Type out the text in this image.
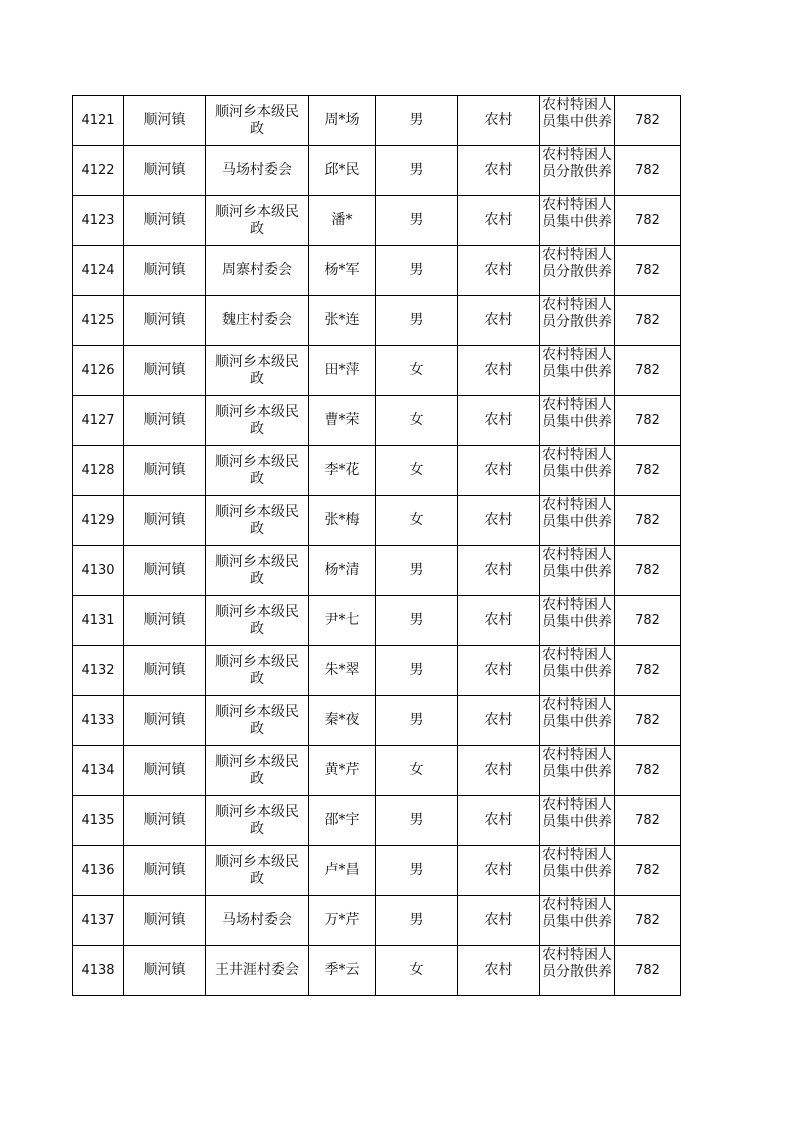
4121	顺河镇	顺河乡本级民政	周*场	男	农村	农村特困人员集中供养	782
4122	顺河镇	马场村委会	邱*民	男	农村	农村特困人员分散供养	782
4123	顺河镇	顺河乡本级民政	潘*	男	农村	农村特困人员集中供养	782
4124	顺河镇	周寨村委会	杨*军	男	农村	农村特困人员分散供养	782
4125	顺河镇	魏庄村委会	张*连	男	农村	农村特困人员分散供养	782
4126	顺河镇	顺河乡本级民政	田*萍	女	农村	农村特困人员集中供养	782
4127	顺河镇	顺河乡本级民政	曹*荣	女	农村	农村特困人员集中供养	782
4128	顺河镇	顺河乡本级民政	李*花	女	农村	农村特困人员集中供养	782
4129	顺河镇	顺河乡本级民政	张*梅	女	农村	农村特困人员集中供养	782
4130	顺河镇	顺河乡本级民政	杨*清	男	农村	农村特困人员集中供养	782
4131	顺河镇	顺河乡本级民政	尹*七	男	农村	农村特困人员集中供养	782
4132	顺河镇	顺河乡本级民政	朱*翠	男	农村	农村特困人员集中供养	782
4133	顺河镇	顺河乡本级民政	秦*夜	男	农村	农村特困人员集中供养	782
4134	顺河镇	顺河乡本级民政	黄*芹	女	农村	农村特困人员集中供养	782
4135	顺河镇	顺河乡本级民政	邵*宇	男	农村	农村特困人员集中供养	782
4136	顺河镇	顺河乡本级民政	卢*昌	男	农村	农村特困人员集中供养	782
4137	顺河镇	马场村委会	万*芹	男	农村	农村特困人员集中供养	782
4138	顺河镇	王井涯村委会	季*云	女	农村	农村特困人员分散供养	782
